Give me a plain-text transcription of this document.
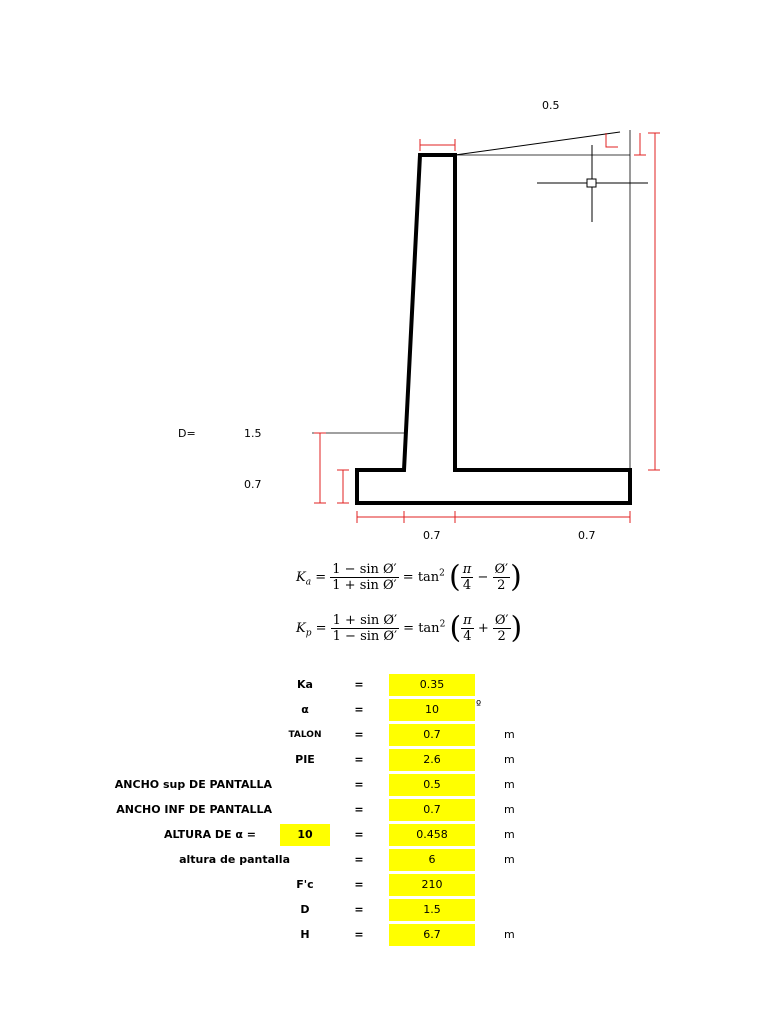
0.5
D=	1.5
0.7
0.7	0.7
$K_a = \frac{\text{1 − sin Ø′}}{\text{1 + sin Ø′}} = \tan^2$ ( $\frac{\pi}{4} - \frac{Ø'}{2}$ )
$K_p = \frac{\text{1 + sin Ø′}}{\text{1 − sin Ø′}} = \tan^2$ ( $\frac{\pi}{4} + \frac{Ø'}{2}$ )
Ka	=	0.35
α	=	10	º
TALON	=	0.7	m
PIE	=	2.6	m
ANCHO sup DE PANTALLA	=	0.5	m
ANCHO INF DE PANTALLA	=	0.7	m
ALTURA DE α =	10	=	0.458	m
altura de pantalla	=	6	m
F'c	=	210
D	=	1.5
H	=	6.7	m
